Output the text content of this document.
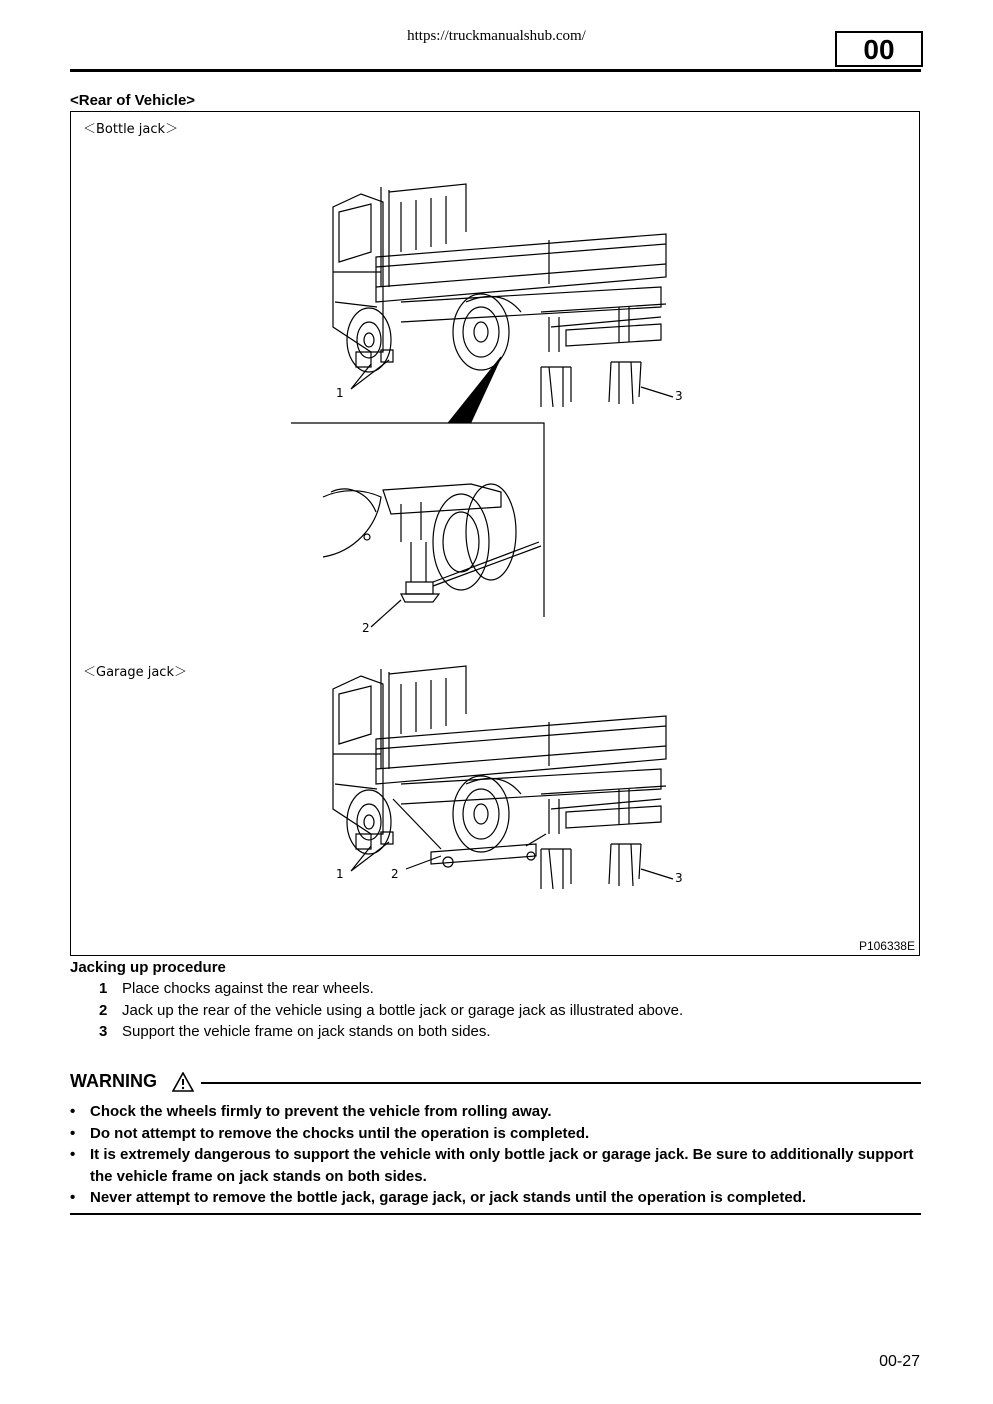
https://truckmanualshub.com/	00
<Rear of Vehicle>
＜Bottle jack＞
＜Garage jack＞
1	3
2
1	2	3
P106338E
Jacking up procedure
1 Place chocks against the rear wheels.
2 Jack up the rear of the vehicle using a bottle jack or garage jack as illustrated above.
3 Support the vehicle frame on jack stands on both sides.
WARNING
• Chock the wheels firmly to prevent the vehicle from rolling away.
• Do not attempt to remove the chocks until the operation is completed.
• It is extremely dangerous to support the vehicle with only bottle jack or garage jack. Be sure to additionally support the vehicle frame on jack stands on both sides.
• Never attempt to remove the bottle jack, garage jack, or jack stands until the operation is completed.
00-27
